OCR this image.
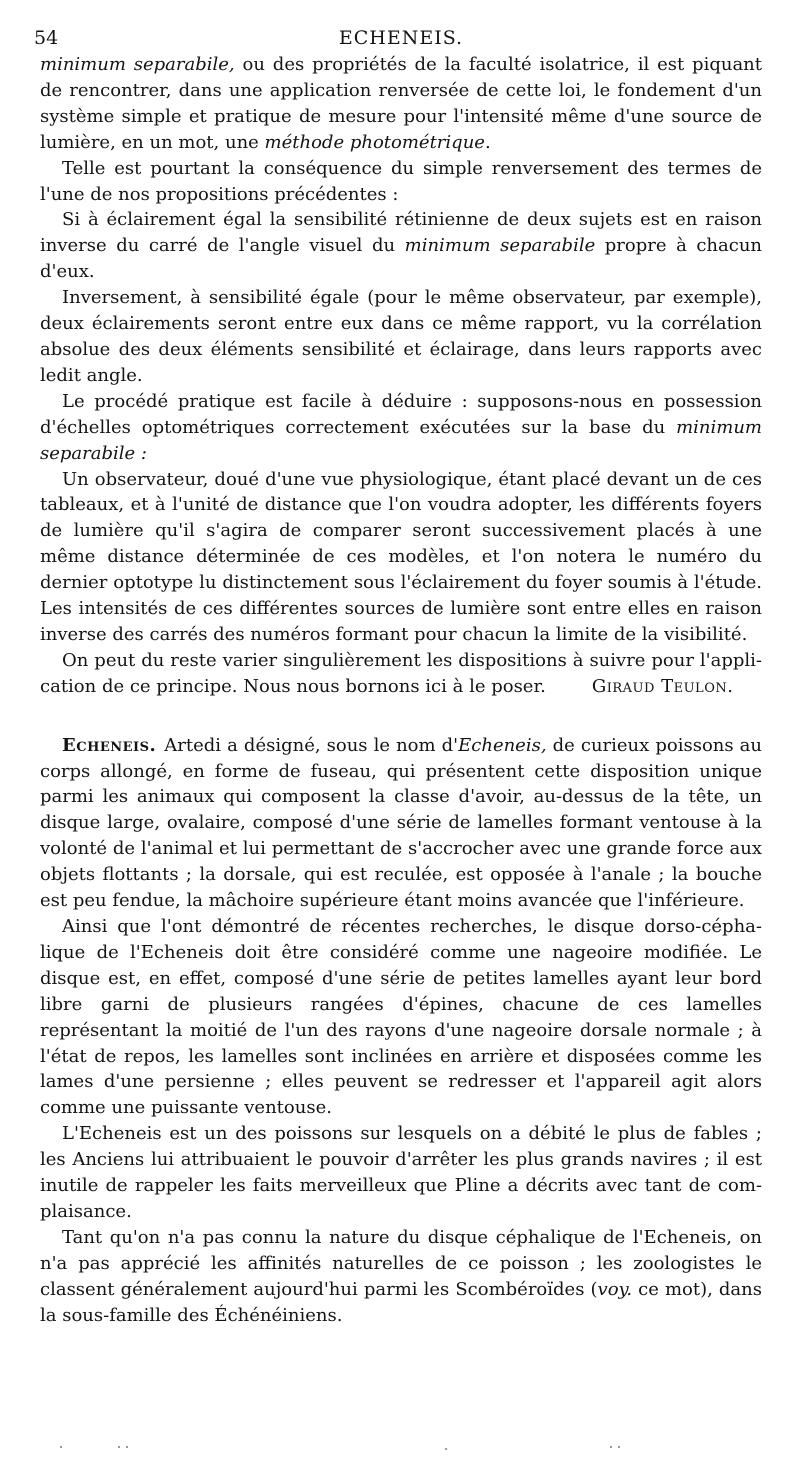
54	ECHENEIS.

minimum separabile, ou des propriétés de la faculté isolatrice, il est piquant de rencontrer, dans une application renversée de cette loi, le fondement d'un système simple et pratique de mesure pour l'intensité même d'une source de lumière, en un mot, une méthode photométrique.

Telle est pourtant la conséquence du simple renversement des termes de l'une de nos propositions précédentes :

Si à éclairement égal la sensibilité rétinienne de deux sujets est en raison inverse du carré de l'angle visuel du minimum separabile propre à chacun d'eux.

Inversement, à sensibilité égale (pour le même observateur, par exemple), deux éclairements seront entre eux dans ce même rapport, vu la corrélation absolue des deux éléments sensibilité et éclairage, dans leurs rapports avec ledit angle.

Le procédé pratique est facile à déduire : supposons-nous en possession d'échelles optométriques correctement exécutées sur la base du minimum separabile :

Un observateur, doué d'une vue physiologique, étant placé devant un de ces tableaux, et à l'unité de distance que l'on voudra adopter, les différents foyers de lumière qu'il s'agira de comparer seront successivement placés à une même distance déterminée de ces modèles, et l'on notera le numéro du dernier optotype lu distinctement sous l'éclairement du foyer soumis à l'étude. Les intensités de ces différentes sources de lumière sont entre elles en raison inverse des carrés des numéros formant pour chacun la limite de la visibilité.

On peut du reste varier singulièrement les dispositions à suivre pour l'application de ce principe. Nous nous bornons ici à le poser.	Giraud Teulon.

Echeneis. Artedi a désigné, sous le nom d'Echeneis, de curieux poissons au corps allongé, en forme de fuseau, qui présentent cette disposition unique parmi les animaux qui composent la classe d'avoir, au-dessus de la tête, un disque large, ovalaire, composé d'une série de lamelles formant ventouse à la volonté de l'animal et lui permettant de s'accrocher avec une grande force aux objets flottants ; la dorsale, qui est reculée, est opposée à l'anale ; la bouche est peu fendue, la mâchoire supérieure étant moins avancée que l'inférieure.

Ainsi que l'ont démontré de récentes recherches, le disque dorso-céphalique de l'Echeneis doit être considéré comme une nageoire modifiée. Le disque est, en effet, composé d'une série de petites lamelles ayant leur bord libre garni de plusieurs rangées d'épines, chacune de ces lamelles représentant la moitié de l'un des rayons d'une nageoire dorsale normale ; à l'état de repos, les lamelles sont inclinées en arrière et disposées comme les lames d'une persienne ; elles peuvent se redresser et l'appareil agit alors comme une puissante ventouse.

L'Echeneis est un des poissons sur lesquels on a débité le plus de fables ; les Anciens lui attribuaient le pouvoir d'arrêter les plus grands navires ; il est inutile de rappeler les faits merveilleux que Pline a décrits avec tant de complaisance.

Tant qu'on n'a pas connu la nature du disque céphalique de l'Echeneis, on n'a pas apprécié les affinités naturelles de ce poisson ; les zoologistes le classent généralement aujourd'hui parmi les Scombéroïdes (voy. ce mot), dans la sous-famille des Échénéiniens.
